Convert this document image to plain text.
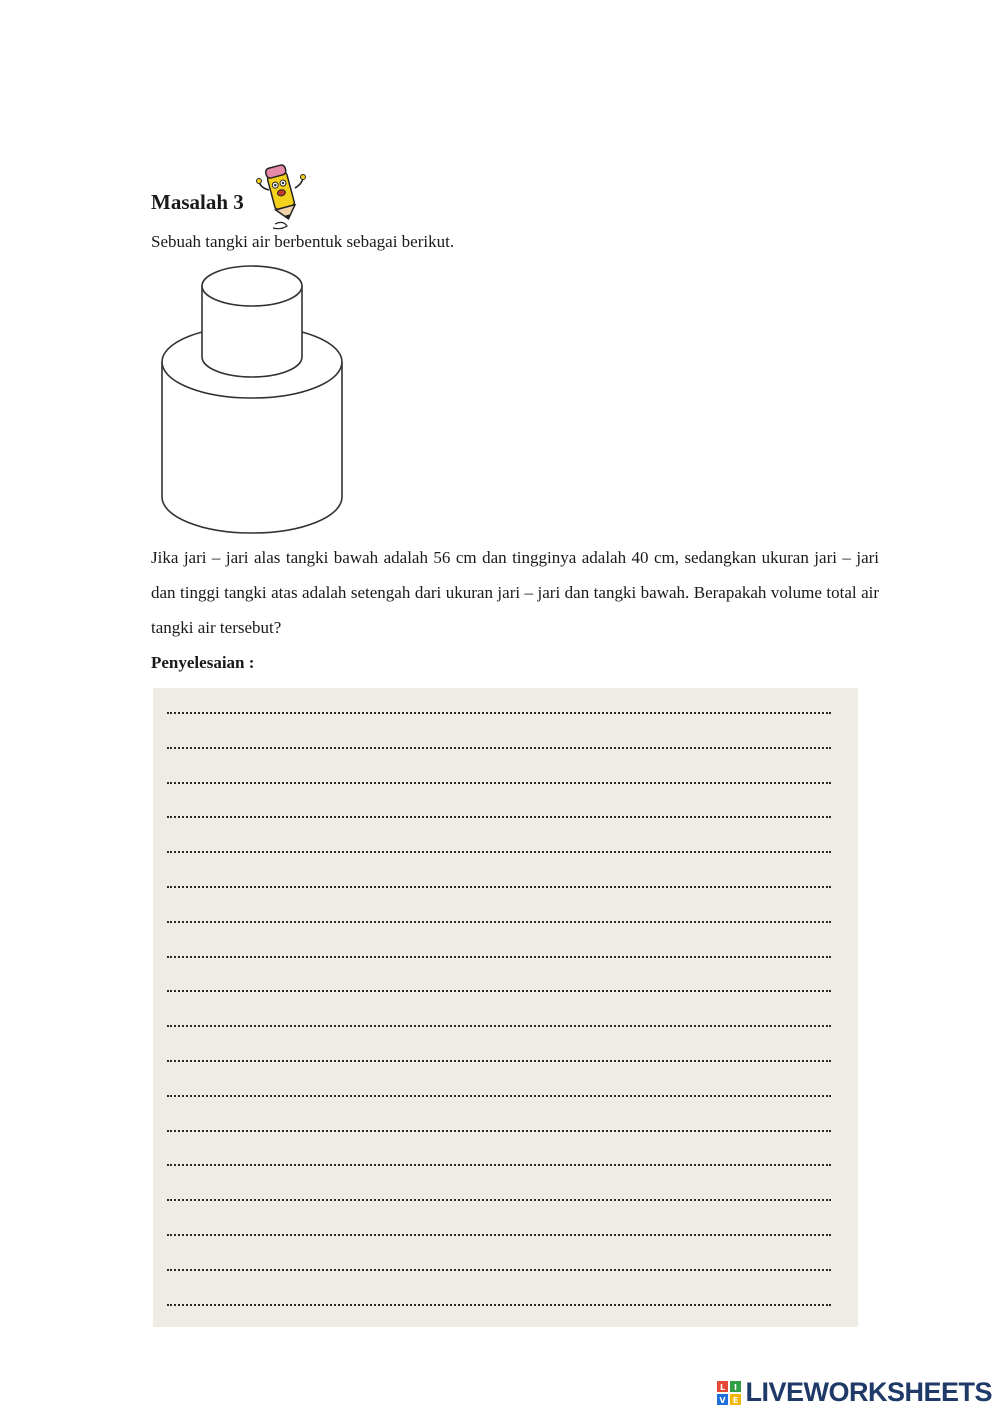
Masalah 3

Sebuah tangki air berbentuk sebagai berikut.

Jika jari – jari alas tangki bawah adalah 56 cm dan tingginya adalah 40 cm, sedangkan ukuran jari – jari dan tinggi tangki atas adalah setengah dari ukuran jari – jari dan tangki bawah. Berapakah volume total air tangki air tersebut?

Penyelesaian :

L I
V E LIVEWORKSHEETS
